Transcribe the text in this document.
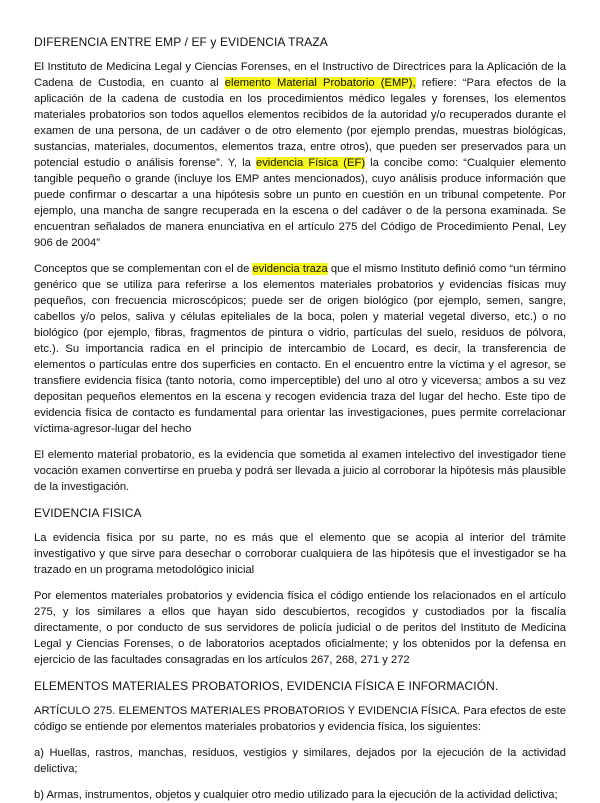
DIFERENCIA ENTRE EMP / EF y EVIDENCIA TRAZA

El Instituto de Medicina Legal y Ciencias Forenses, en el Instructivo de Directrices para la Aplicación de la Cadena de Custodia, en cuanto al elemento Material Probatorio (EMP), refiere: “Para efectos de la aplicación de la cadena de custodia en los procedimientos médico legales y forenses, los elementos materiales probatorios son todos aquellos elementos recibidos de la autoridad y/o recuperados durante el examen de una persona, de un cadáver o de otro elemento (por ejemplo prendas, muestras biológicas, sustancias, materiales, documentos, elementos traza, entre otros), que pueden ser preservados para un potencial estudio o análisis forense”. Y, la evidencia Física (EF) la concibe como: “Cualquier elemento tangible pequeño o grande (incluye los EMP antes mencionados), cuyo análisis produce información que puede confirmar o descartar a una hipótesis sobre un punto en cuestión en un tribunal competente. Por ejemplo, una mancha de sangre recuperada en la escena o del cadáver o de la persona examinada. Se encuentran señalados de manera enunciativa en el artículo 275 del Código de Procedimiento Penal, Ley 906 de 2004”

Conceptos que se complementan con el de evidencia traza que el mismo Instituto definió como “un término genérico que se utiliza para referirse a los elementos materiales probatorios y evidencias físicas muy pequeños, con frecuencia microscópicos; puede ser de origen biológico (por ejemplo, semen, sangre, cabellos y/o pelos, saliva y células epiteliales de la boca, polen y material vegetal diverso, etc.) o no biológico (por ejemplo, fibras, fragmentos de pintura o vidrio, partículas del suelo, residuos de pólvora, etc.). Su importancia radica en el principio de intercambio de Locard, es decir, la transferencia de elementos o partículas entre dos superficies en contacto. En el encuentro entre la víctima y el agresor, se transfiere evidencia física (tanto notoria, como imperceptible) del uno al otro y viceversa; ambos a su vez depositan pequeños elementos en la escena y recogen evidencia traza del lugar del hecho. Este tipo de evidencia física de contacto es fundamental para orientar las investigaciones, pues permite correlacionar víctima-agresor-lugar del hecho

El elemento material probatorio, es la evidencia que sometida al examen intelectivo del investigador tiene vocación examen convertirse en prueba y podrá ser llevada a juicio al corroborar la hipótesis más plausible de la investigación.

EVIDENCIA FISICA

La evidencia física por su parte, no es más que el elemento que se acopia al interior del trámite investigativo y que sirve para desechar o corroborar cualquiera de las hipótesis que el investigador se ha trazado en un programa metodológico inicial

Por elementos materiales probatorios y evidencia física el código entiende los relacionados en el artículo 275, y los similares a ellos que hayan sido descubiertos, recogidos y custodiados por la fiscalía directamente, o por conducto de sus servidores de policía judicial o de peritos del Instituto de Medicina Legal y Ciencias Forenses, o de laboratorios aceptados oficialmente; y los obtenidos por la defensa en ejercicio de las facultades consagradas en los artículos 267, 268, 271 y 272

ELEMENTOS MATERIALES PROBATORIOS, EVIDENCIA FÍSICA E INFORMACIÓN.

ARTÍCULO 275. ELEMENTOS MATERIALES PROBATORIOS Y EVIDENCIA FÍSICA. Para efectos de este código se entiende por elementos materiales probatorios y evidencia física, los siguientes:

a) Huellas, rastros, manchas, residuos, vestigios y similares, dejados por la ejecución de la actividad delictiva;

b) Armas, instrumentos, objetos y cualquier otro medio utilizado para la ejecución de la actividad delictiva;
